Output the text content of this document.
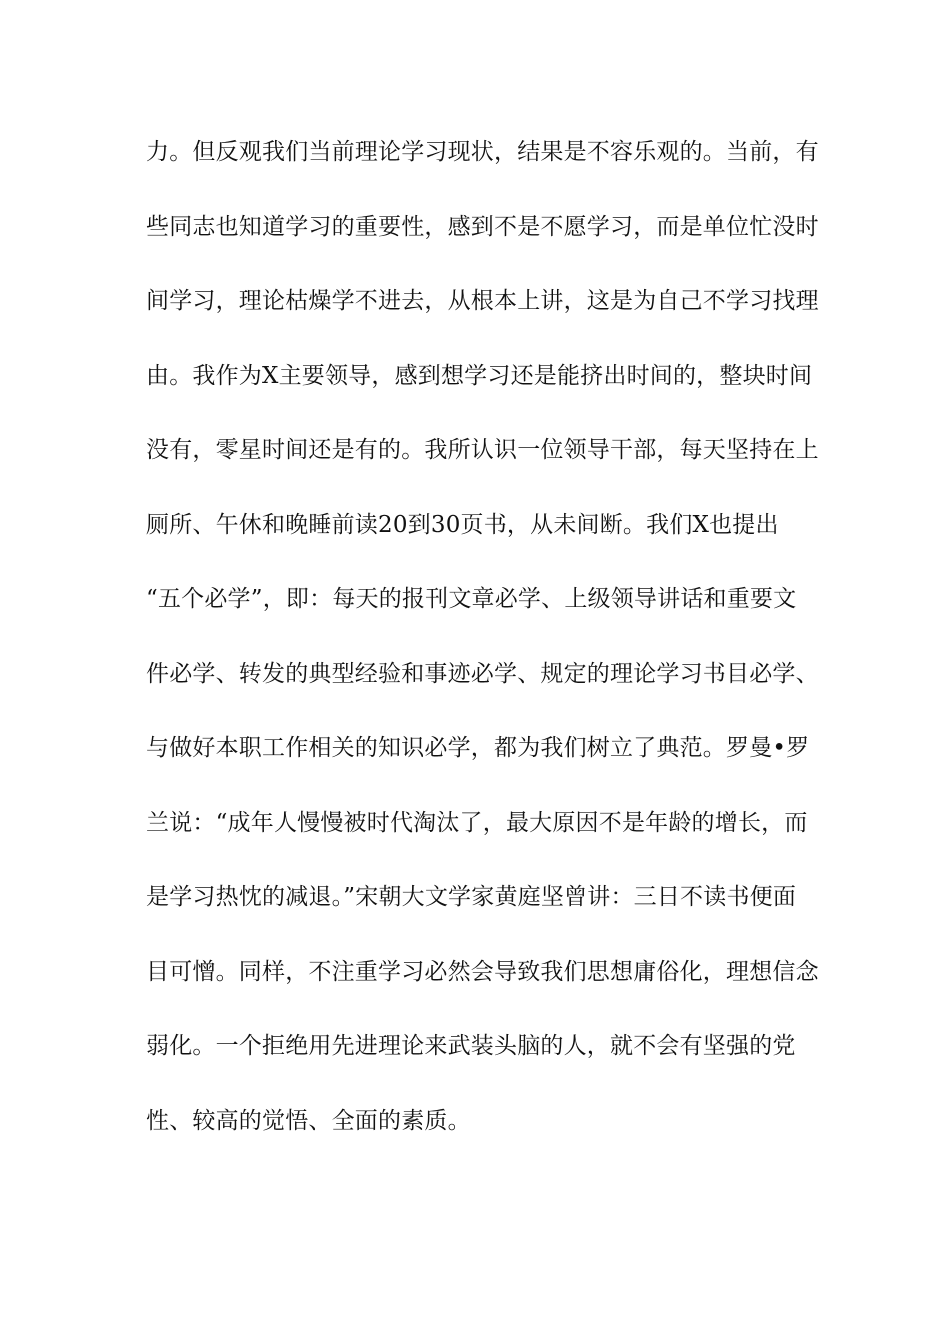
力。但反观我们当前理论学习现状，结果是不容乐观的。当前，有
些同志也知道学习的重要性，感到不是不愿学习，而是单位忙没时
间学习，理论枯燥学不进去，从根本上讲，这是为自己不学习找理
由。我作为X主要领导，感到想学习还是能挤出时间的，整块时间
没有，零星时间还是有的。我所认识一位领导干部，每天坚持在上
厕所、午休和晚睡前读20到30页书，从未间断。我们X也提出
“五个必学”，即：每天的报刊文章必学、上级领导讲话和重要文
件必学、转发的典型经验和事迹必学、规定的理论学习书目必学、
与做好本职工作相关的知识必学，都为我们树立了典范。罗曼•罗
兰说：“成年人慢慢被时代淘汰了，最大原因不是年龄的增长，而
是学习热忱的减退。”宋朝大文学家黄庭坚曾讲：三日不读书便面
目可憎。同样，不注重学习必然会导致我们思想庸俗化，理想信念
弱化。一个拒绝用先进理论来武装头脑的人，就不会有坚强的党
性、较高的觉悟、全面的素质。
